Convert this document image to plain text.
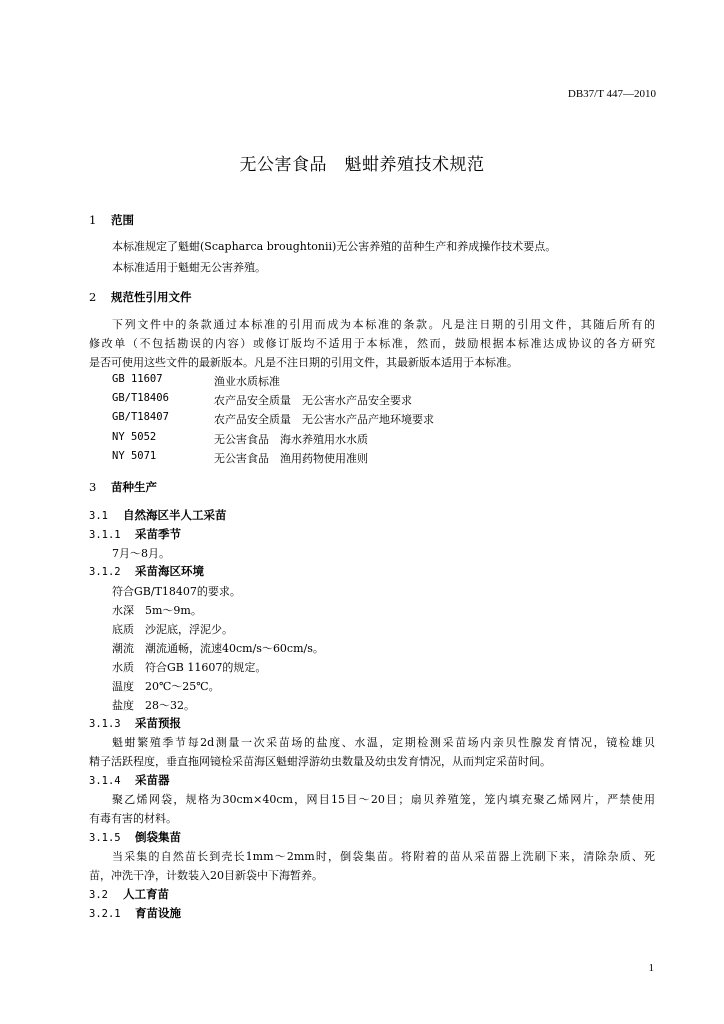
DB37/T 447—2010
无公害食品　魁蚶养殖技术规范
1 范围
本标准规定了魁蚶(Scapharca broughtonii)无公害养殖的苗种生产和养成操作技术要点。
本标准适用于魁蚶无公害养殖。
2 规范性引用文件
下列文件中的条款通过本标准的引用而成为本标准的条款。凡是注日期的引用文件，其随后所有的
修改单（不包括勘误的内容）或修订版均不适用于本标准，然而，鼓励根据本标准达成协议的各方研究
是否可使用这些文件的最新版本。凡是不注日期的引用文件，其最新版本适用于本标准。
GB 11607	渔业水质标准
GB/T18406	农产品安全质量　无公害水产品安全要求
GB/T18407	农产品安全质量　无公害水产品产地环境要求
NY 5052	无公害食品　海水养殖用水水质
NY 5071	无公害食品　渔用药物使用准则
3 苗种生产
3.1 自然海区半人工采苗
3.1.1 采苗季节
7月～8月。
3.1.2 采苗海区环境
符合GB/T18407的要求。
水深　5m～9m。
底质　沙泥底，浮泥少。
潮流　潮流通畅，流速40cm/s～60cm/s。
水质　符合GB 11607的规定。
温度　20℃～25℃。
盐度　28～32。
3.1.3 采苗预报
魁蚶繁殖季节每2d测量一次采苗场的盐度、水温，定期检测采苗场内亲贝性腺发育情况，镜检雄贝
精子活跃程度，垂直拖网镜检采苗海区魁蚶浮游幼虫数量及幼虫发育情况，从而判定采苗时间。
3.1.4 采苗器
聚乙烯网袋，规格为30cm×40cm，网目15目～20目；扇贝养殖笼，笼内填充聚乙烯网片，严禁使用
有毒有害的材料。
3.1.5 倒袋集苗
当采集的自然苗长到壳长1mm～2mm时，倒袋集苗。将附着的苗从采苗器上洗刷下来，清除杂质、死
苗，冲洗干净，计数装入20目新袋中下海暂养。
3.2 人工育苗
3.2.1 育苗设施
1
